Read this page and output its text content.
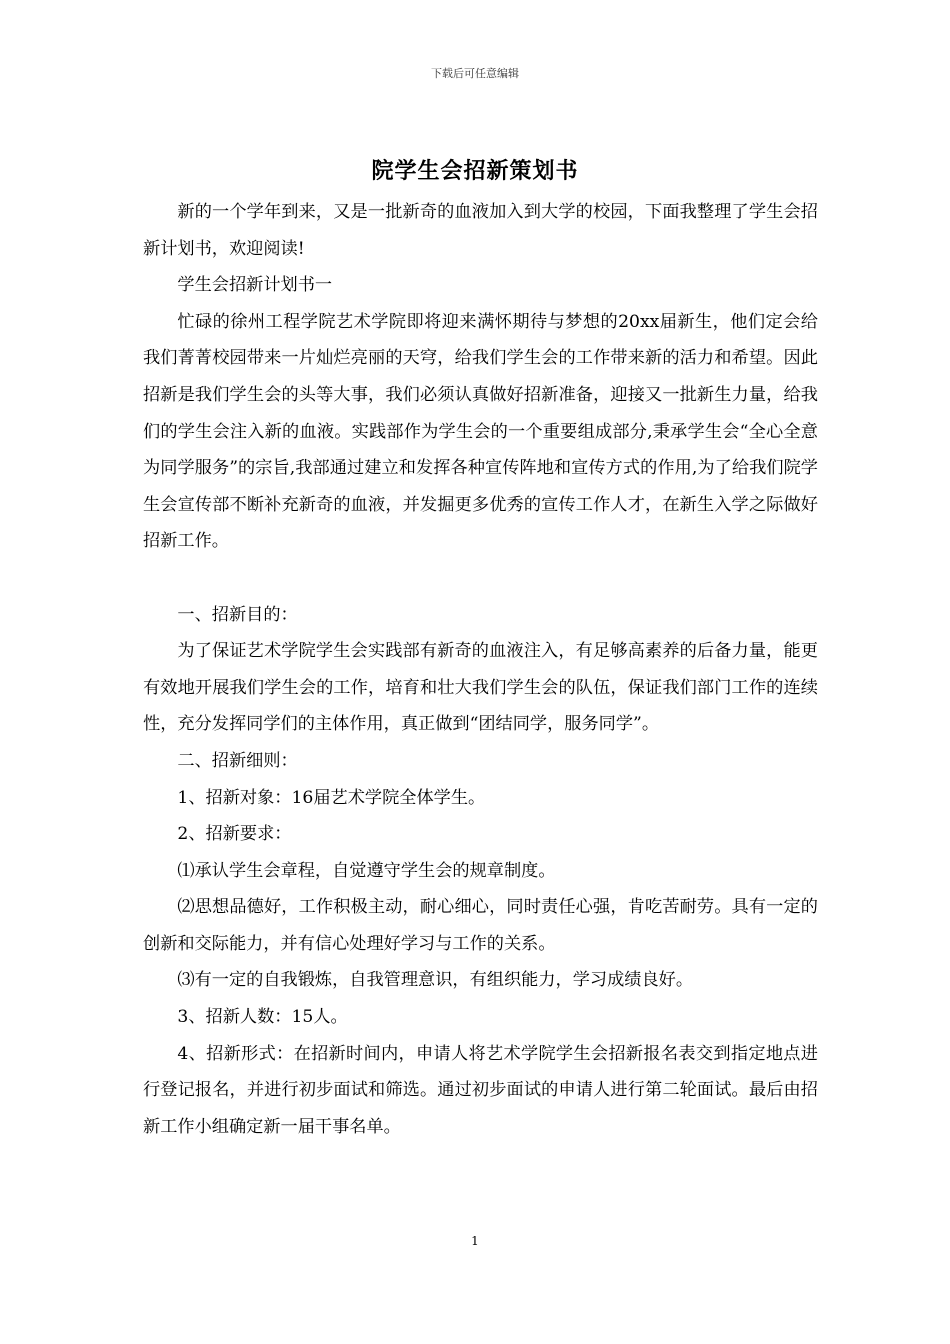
下载后可任意编辑
院学生会招新策划书

新的一个学年到来，又是一批新奇的血液加入到大学的校园，下面我整理了学生会招新计划书，欢迎阅读!

学生会招新计划书一

忙碌的徐州工程学院艺术学院即将迎来满怀期待与梦想的20xx届新生，他们定会给我们菁菁校园带来一片灿烂亮丽的天穹，给我们学生会的工作带来新的活力和希望。因此招新是我们学生会的头等大事，我们必须认真做好招新准备，迎接又一批新生力量，给我们的学生会注入新的血液。实践部作为学生会的一个重要组成部分,秉承学生会“全心全意为同学服务”的宗旨,我部通过建立和发挥各种宣传阵地和宣传方式的作用,为了给我们院学生会宣传部不断补充新奇的血液，并发掘更多优秀的宣传工作人才，在新生入学之际做好招新工作。

一、招新目的：

为了保证艺术学院学生会实践部有新奇的血液注入，有足够高素养的后备力量，能更有效地开展我们学生会的工作，培育和壮大我们学生会的队伍，保证我们部门工作的连续性，充分发挥同学们的主体作用，真正做到“团结同学，服务同学”。

二、招新细则：

1、招新对象：16届艺术学院全体学生。

2、招新要求：

⑴承认学生会章程，自觉遵守学生会的规章制度。

⑵思想品德好，工作积极主动，耐心细心，同时责任心强，肯吃苦耐劳。具有一定的创新和交际能力，并有信心处理好学习与工作的关系。

⑶有一定的自我锻炼，自我管理意识，有组织能力，学习成绩良好。

3、招新人数：15人。

4、招新形式：在招新时间内，申请人将艺术学院学生会招新报名表交到指定地点进行登记报名，并进行初步面试和筛选。通过初步面试的申请人进行第二轮面试。最后由招新工作小组确定新一届干事名单。

1
